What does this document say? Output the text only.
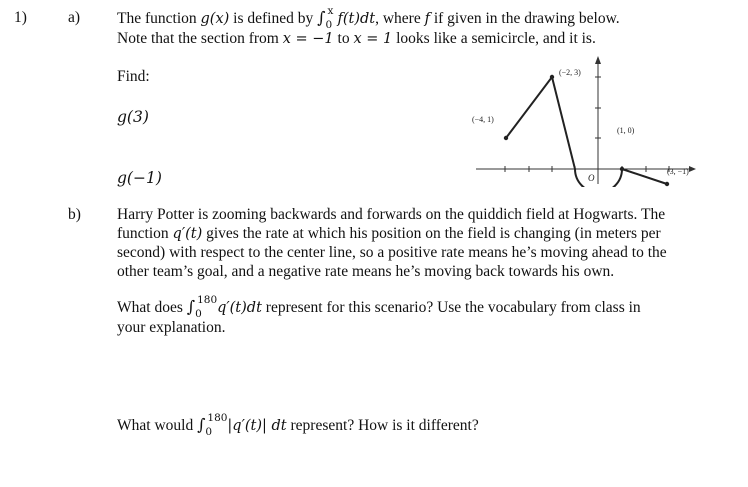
1)	a) The function g(x) is defined by ∫ x
0 f(t)dt, where f if given in the drawing below.
Note that the section from x = −1 to x = 1 looks like a semicircle, and it is.
Find:
g(3)
g(−1)
(−4, 1)
(−2, 3)
(1, 0)
(3, −1)
O
b) Harry Potter is zooming backwards and forwards on the quiddich field at Hogwarts. The
function q′(t) gives the rate at which his position on the field is changing (in meters per
second) with respect to the center line, so a positive rate means he’s moving ahead to the
other team’s goal, and a negative rate means he’s moving back towards his own.
What does ∫ 180
0 q′(t)dt represent for this scenario? Use the vocabulary from class in
your explanation.
What would ∫ 180
0 |q′(t)| dt represent? How is it different?
